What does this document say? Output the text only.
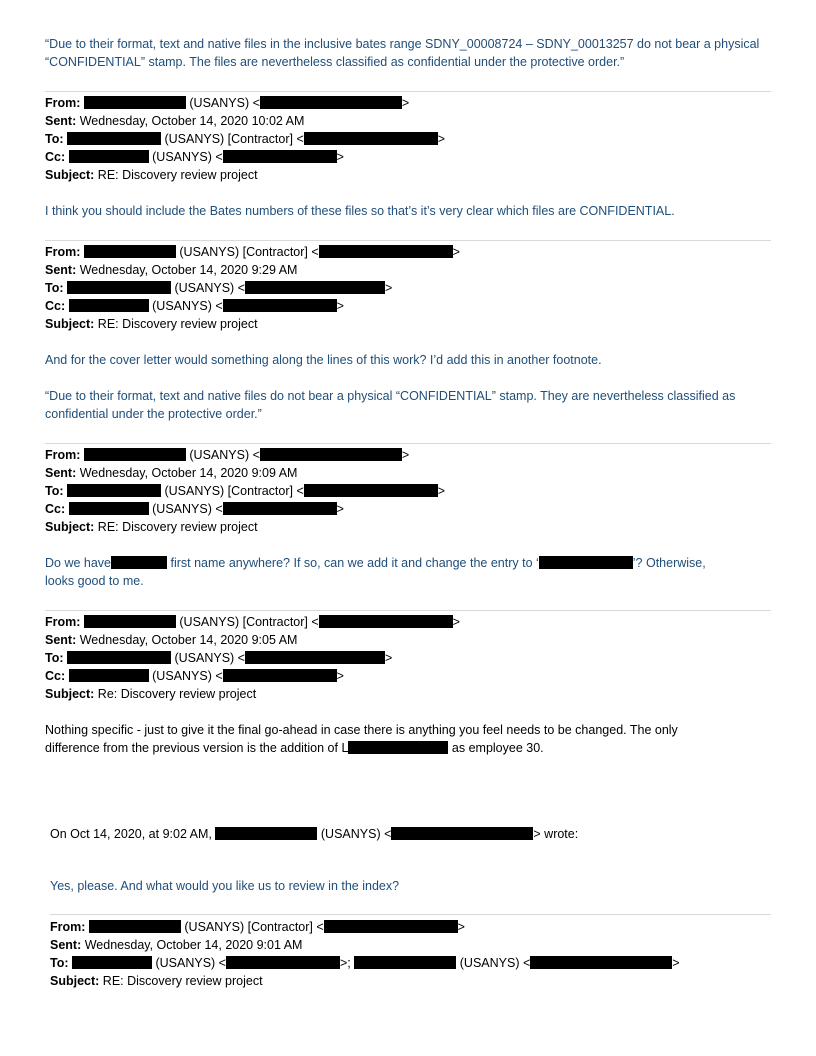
“Due to their format, text and native files in the inclusive bates range SDNY_00008724 – SDNY_00013257 do not bear a physical “CONFIDENTIAL” stamp. The files are nevertheless classified as confidential under the protective order.”

From:	(USANYS) <	>
Sent: Wednesday, October 14, 2020 10:02 AM
To:	(USANYS) [Contractor] <	>
Cc:	(USANYS) <	>
Subject: RE: Discovery review project

I think you should include the Bates numbers of these files so that’s it’s very clear which files are CONFIDENTIAL.

From:	(USANYS) [Contractor] <	>
Sent: Wednesday, October 14, 2020 9:29 AM
To:	(USANYS) <	>
Cc:	(USANYS) <	>
Subject: RE: Discovery review project

And for the cover letter would something along the lines of this work? I’d add this in another footnote.

“Due to their format, text and native files do not bear a physical “CONFIDENTIAL” stamp. They are nevertheless classified as confidential under the protective order.”

From:	(USANYS) <	>
Sent: Wednesday, October 14, 2020 9:09 AM
To:	(USANYS) [Contractor] <	>
Cc:	(USANYS) <	>
Subject: RE: Discovery review project
Do we have	first name anywhere? If so, can we add it and change the entry to ‘	’? Otherwise,
looks good to me.
From:	(USANYS) [Contractor] <	>
Sent: Wednesday, October 14, 2020 9:05 AM
To:	(USANYS) <	>
Cc:	(USANYS) <	>
Subject: Re: Discovery review project
Nothing specific - just to give it the final go-ahead in case there is anything you feel needs to be changed. The only
difference from the previous version is the addition of L	as employee 30.
On Oct 14, 2020, at 9:02 AM,	(USANYS) <	> wrote:

Yes, please. And what would you like us to review in the index?

From:	(USANYS) [Contractor] <	>
Sent: Wednesday, October 14, 2020 9:01 AM
To:	(USANYS) <	>;	(USANYS) <	>
Subject: RE: Discovery review project
